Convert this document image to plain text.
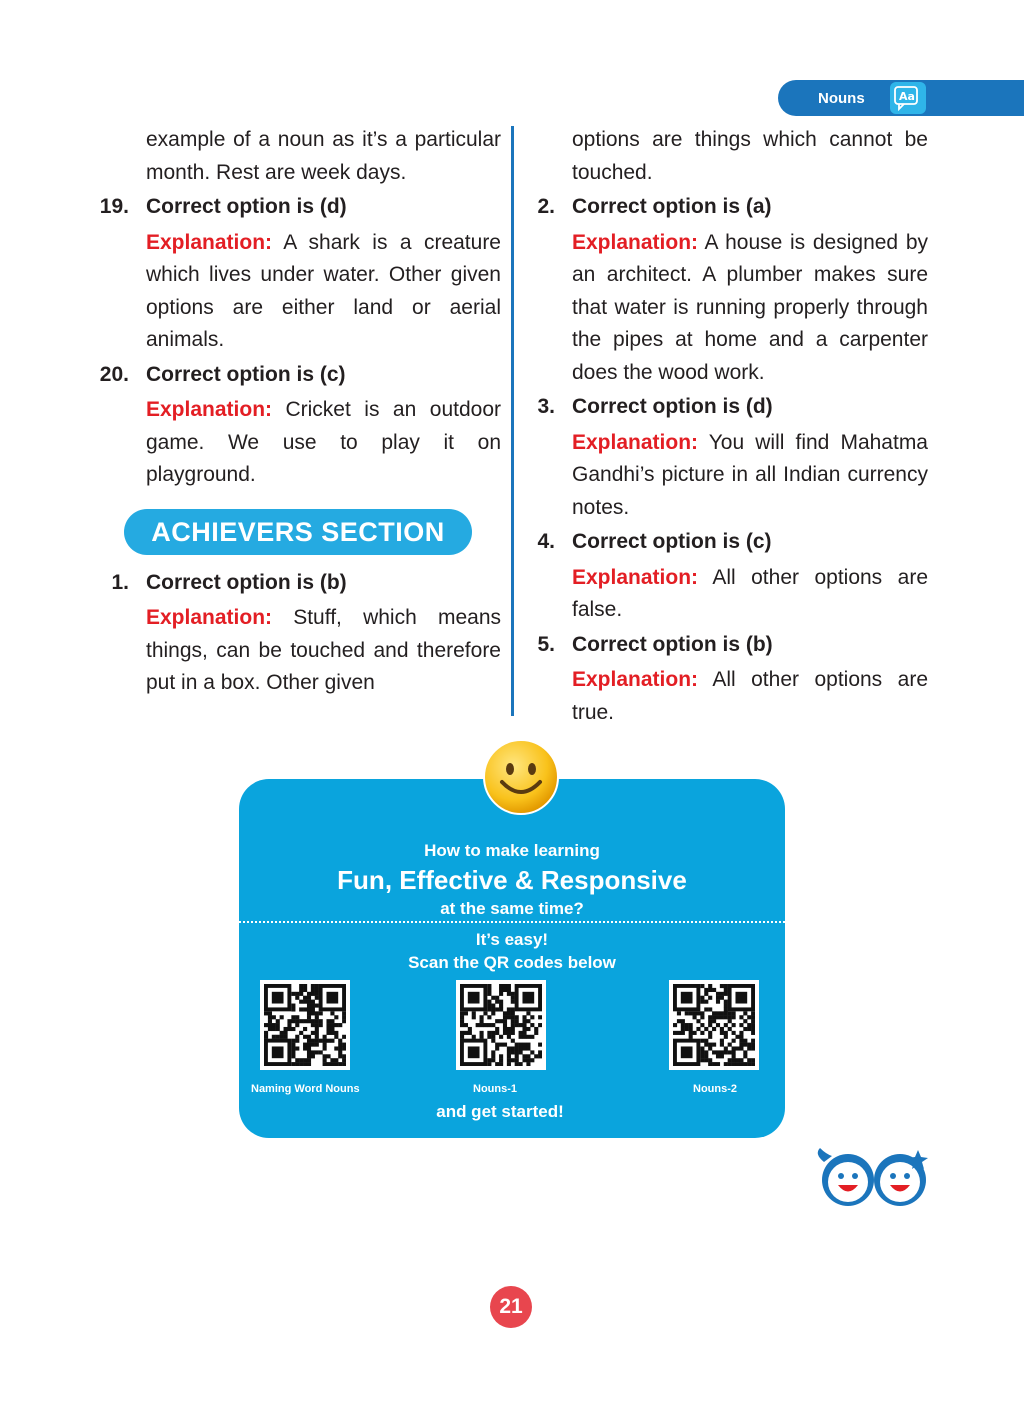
Nouns	Aa

example of a noun as it’s a particular month. Rest are week days.

19. Correct option is (d)

Explanation: A shark is a creature which lives under water. Other given options are either land or aerial animals.

20. Correct option is (c)

Explanation: Cricket is an outdoor game. We use to play it on playground.

ACHIEVERS SECTION
1. Correct option is (b)

Explanation: Stuff, which means things, can be touched and therefore put in a box. Other given

options are things which cannot be touched.

2. Correct option is (a)

Explanation: A house is designed by an architect. A plumber makes sure that water is running properly through the pipes at home and a carpenter does the wood work.

3. Correct option is (d)

Explanation: You will find Mahatma Gandhi’s picture in all Indian currency notes.

4. Correct option is (c)

Explanation: All other options are false.

5. Correct option is (b)

Explanation: All other options are true.

How to make learning
Fun, Effective & Responsive
at the same time?
It’s easy!
Scan the QR codes below
Naming Word Nouns	Nouns-1	Nouns-2
and get started!
21
